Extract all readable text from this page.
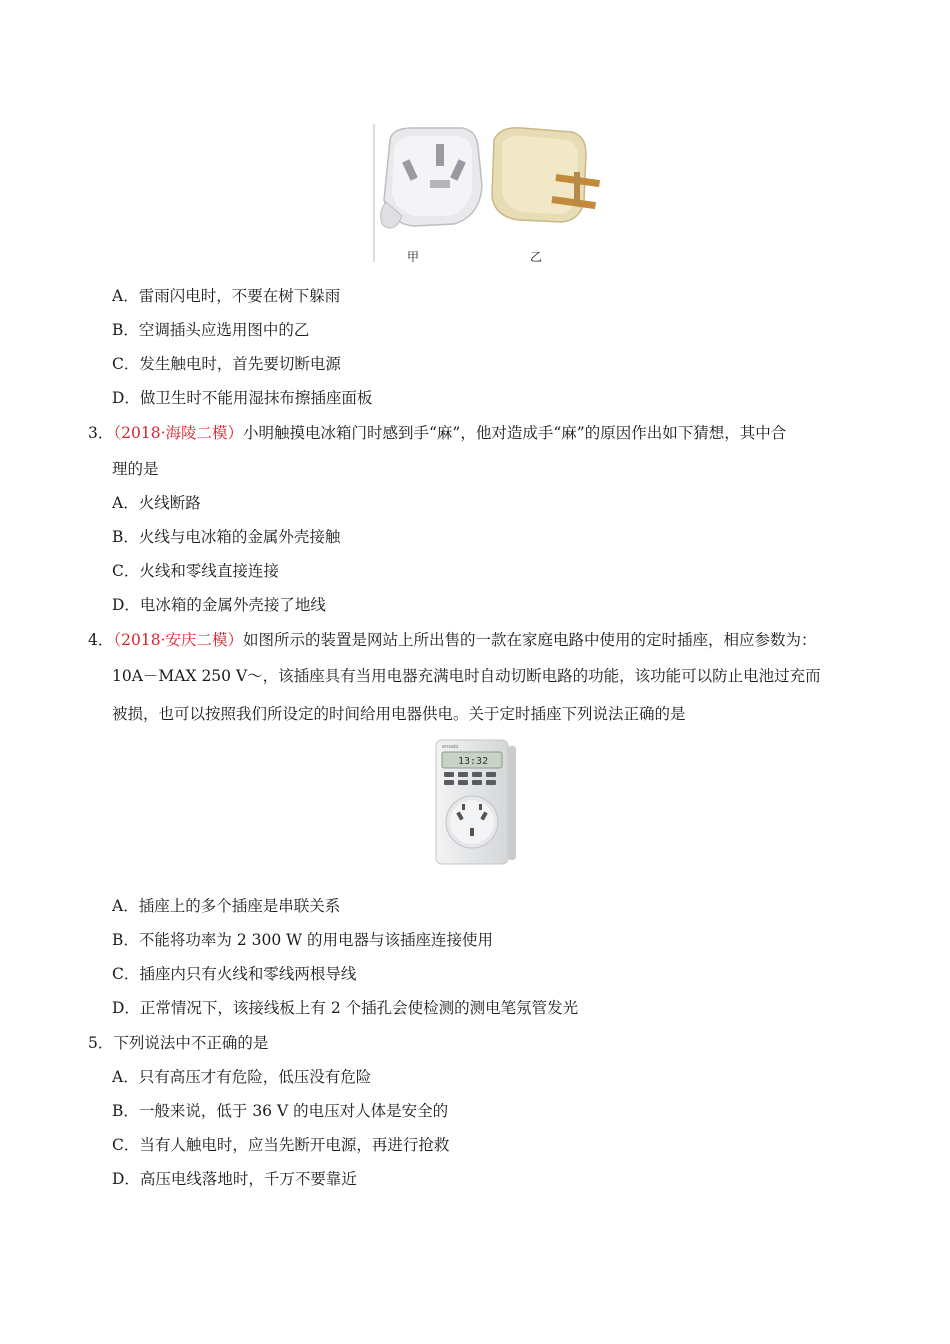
甲	乙
A．雷雨闪电时，不要在树下躲雨
B．空调插头应选用图中的乙
C．发生触电时，首先要切断电源
D．做卫生时不能用湿抹布擦插座面板
3．（2018·海陵二模）小明触摸电冰箱门时感到手“麻”，他对造成手“麻”的原因作出如下猜想，其中合
理的是
A．火线断路
B．火线与电冰箱的金属外壳接触
C．火线和零线直接连接
D．电冰箱的金属外壳接了地线
4．（2018·安庆二模）如图所示的装置是网站上所出售的一款在家庭电路中使用的定时插座，相应参数为：
10A－MAX 250 V～，该插座具有当用电器充满电时自动切断电路的功能，该功能可以防止电池过充而
被损，也可以按照我们所设定的时间给用电器供电。关于定时插座下列说法正确的是
ensaio
13:32
A．插座上的多个插座是串联关系
B．不能将功率为 2 300 W 的用电器与该插座连接使用
C．插座内只有火线和零线两根导线
D．正常情况下，该接线板上有 2 个插孔会使检测的测电笔氖管发光
5．下列说法中不正确的是
A．只有高压才有危险，低压没有危险
B．一般来说，低于 36 V 的电压对人体是安全的
C．当有人触电时，应当先断开电源，再进行抢救
D．高压电线落地时，千万不要靠近
